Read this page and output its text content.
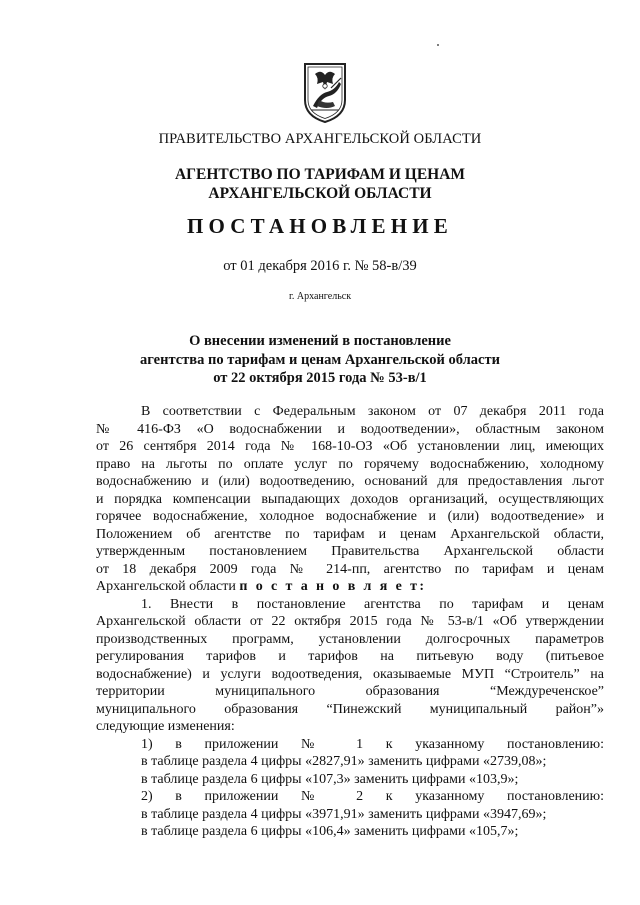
ПРАВИТЕЛЬСТВО АРХАНГЕЛЬСКОЙ ОБЛАСТИ
АГЕНТСТВО ПО ТАРИФАМ И ЦЕНАМ
АРХАНГЕЛЬСКОЙ ОБЛАСТИ
ПОСТАНОВЛЕНИЕ
от 01 декабря 2016 г. № 58-в/39
г. Архангельск
О внесении изменений в постановление
агентства по тарифам и ценам Архангельской области
от 22 октября 2015 года № 53-в/1
В соответствии с Федеральным законом от 07 декабря 2011 года
№ 416-ФЗ «О водоснабжении и водоотведении», областным законом
от 26 сентября 2014 года № 168-10-ОЗ «Об установлении лиц, имеющих
право на льготы по оплате услуг по горячему водоснабжению, холодному
водоснабжению и (или) водоотведению, оснований для предоставления льгот
и порядка компенсации выпадающих доходов организаций, осуществляющих
горячее водоснабжение, холодное водоснабжение и (или) водоотведение» и
Положением об агентстве по тарифам и ценам Архангельской области,
утвержденным постановлением Правительства Архангельской области
от 18 декабря 2009 года № 214-пп, агентство по тарифам и ценам
Архангельской области п о с т а н о в л я е т:
1. Внести в постановление агентства по тарифам и ценам
Архангельской области от 22 октября 2015 года № 53-в/1 «Об утверждении
производственных программ, установлении долгосрочных параметров
регулирования тарифов и тарифов на питьевую воду (питьевое
водоснабжение) и услуги водоотведения, оказываемые МУП “Строитель” на
территории муниципального образования “Междуреченское”
муниципального образования “Пинежский муниципальный район”»
следующие изменения:
1) в приложении № 1 к указанному постановлению:
в таблице раздела 4 цифры «2827,91» заменить цифрами «2739,08»;
в таблице раздела 6 цифры «107,3» заменить цифрами «103,9»;
2) в приложении № 2 к указанному постановлению:
в таблице раздела 4 цифры «3971,91» заменить цифрами «3947,69»;
в таблице раздела 6 цифры «106,4» заменить цифрами «105,7»;
